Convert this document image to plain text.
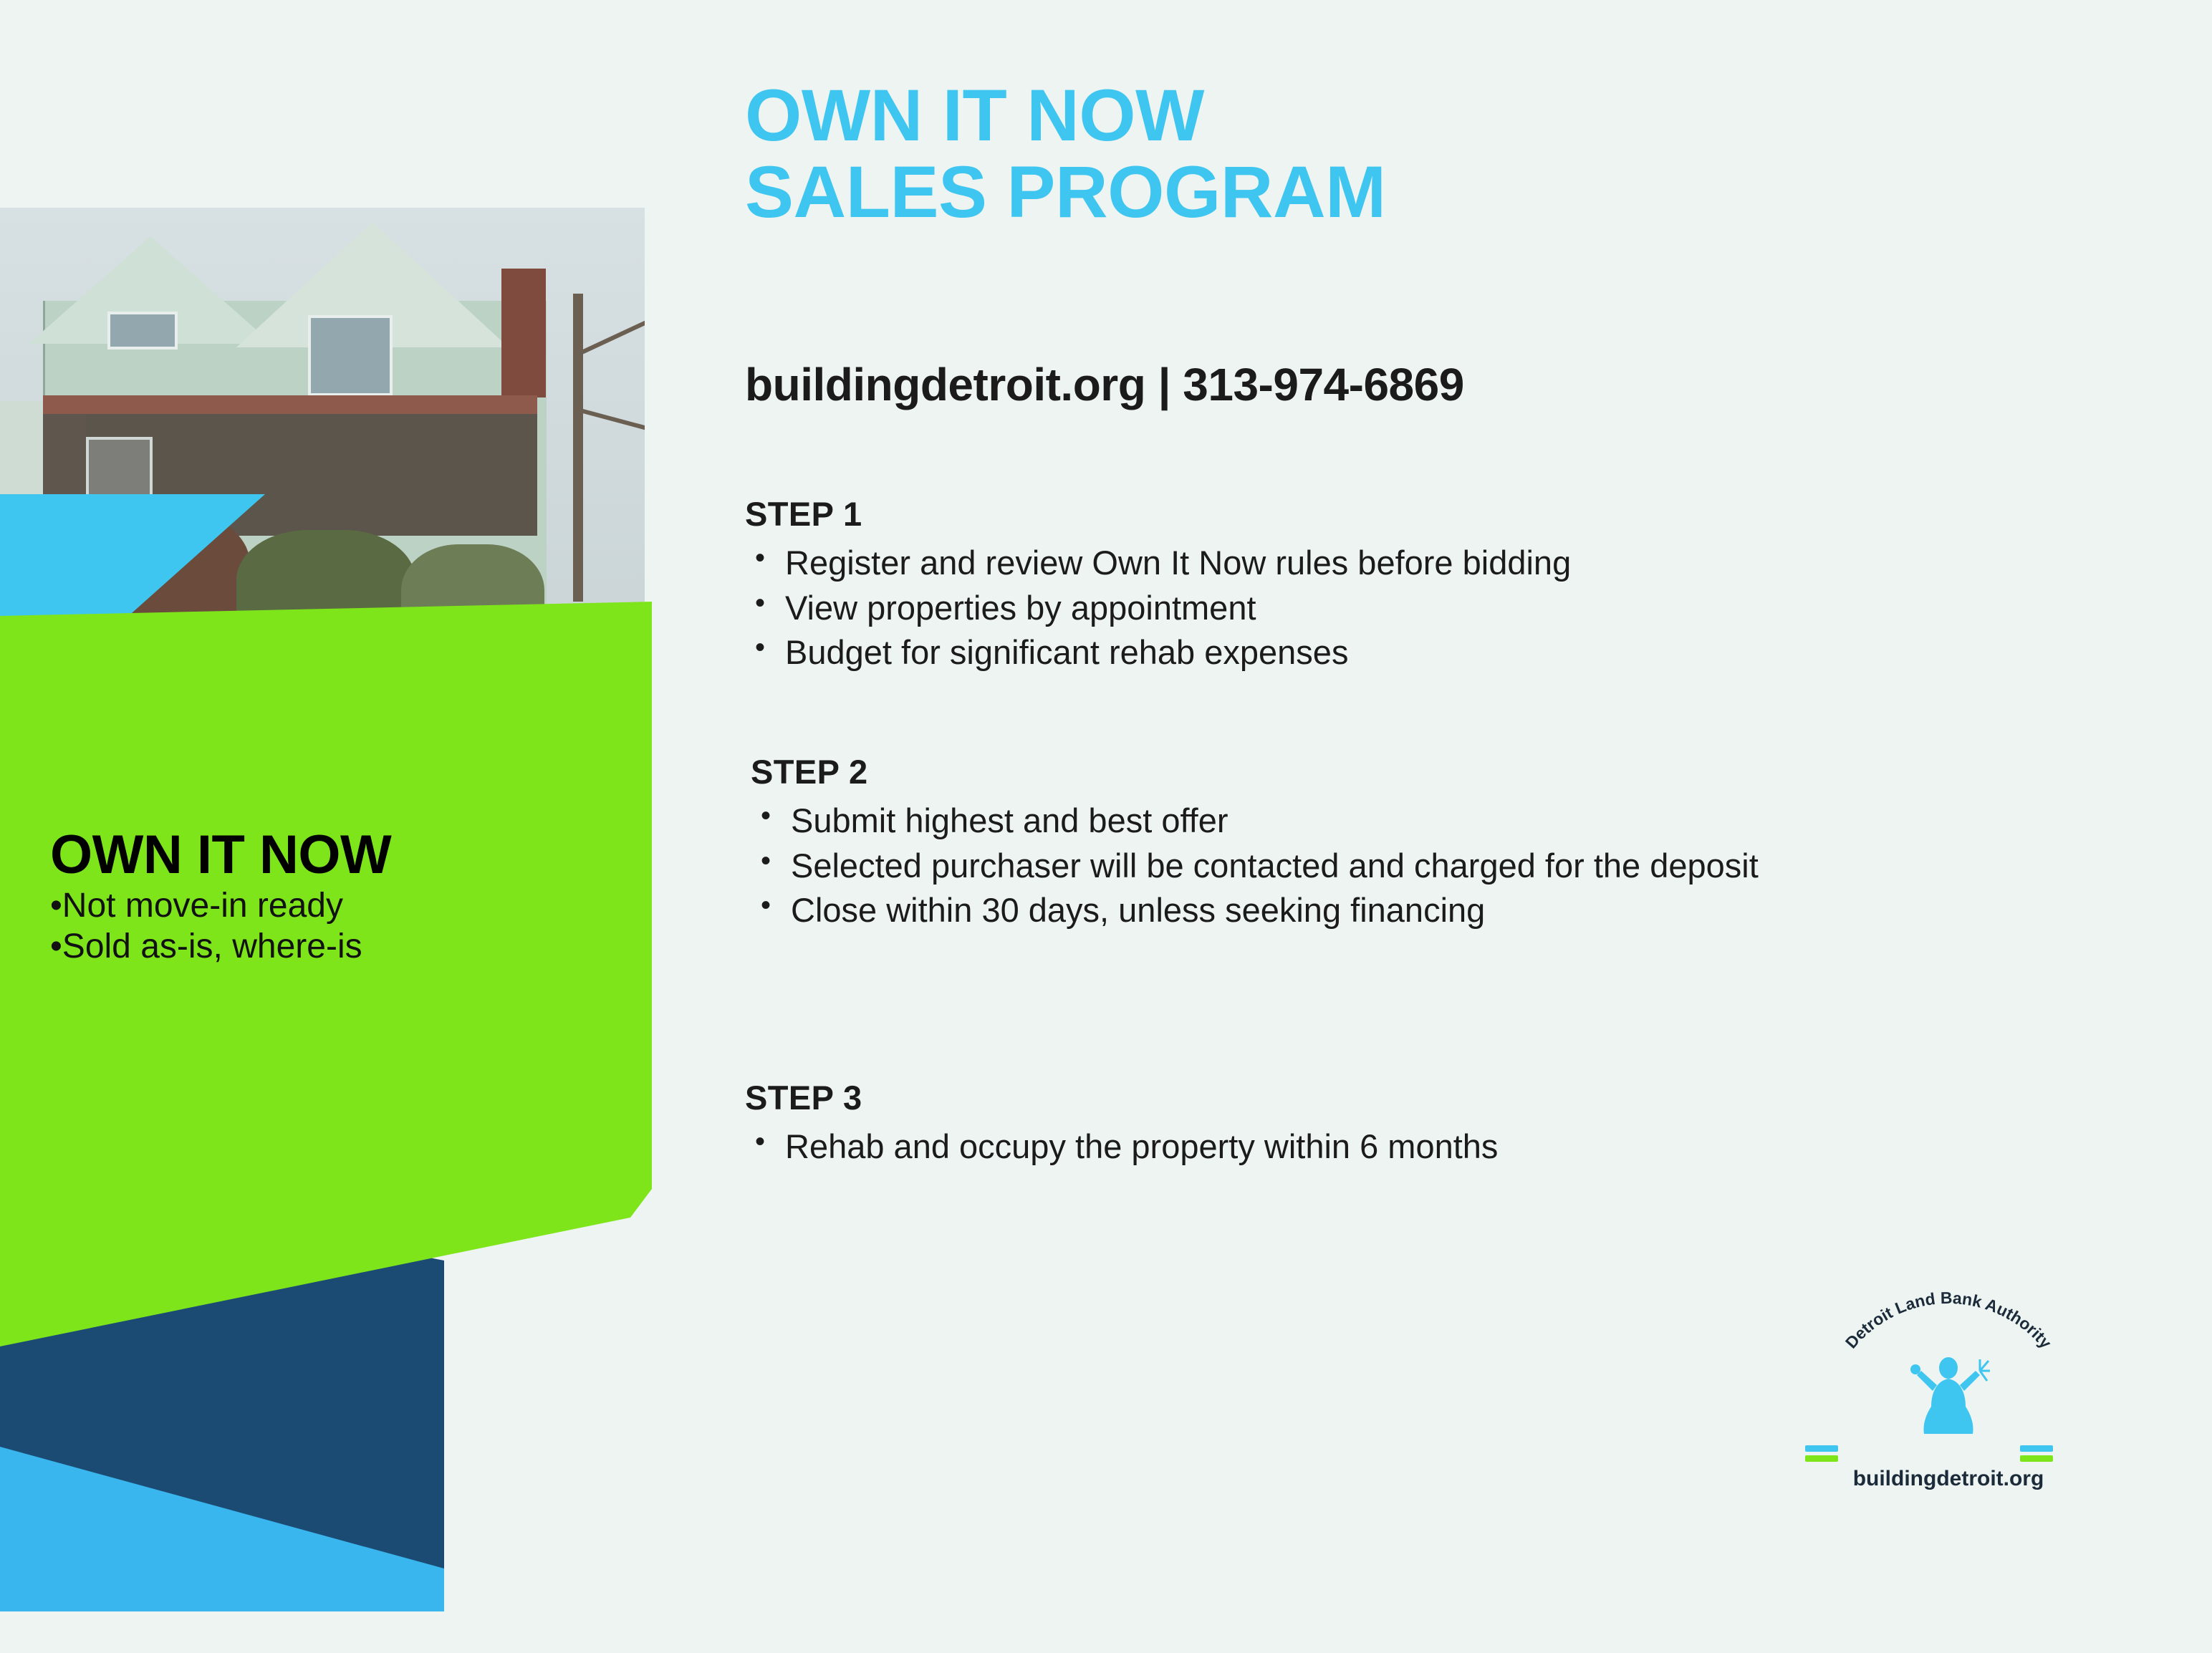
OWN IT NOW
•Not move-in ready
•Sold as-is, where-is
OWN IT NOW
SALES PROGRAM
buildingdetroit.org | 313-974-6869
STEP 1
• Register and review Own It Now rules before bidding
• View properties by appointment
• Budget for significant rehab expenses
STEP 2
• Submit highest and best offer
• Selected purchaser will be contacted and charged for the deposit
• Close within 30 days, unless seeking financing
STEP 3
• Rehab and occupy the property within 6 months
Detroit Land Bank Authority
buildingdetroit.org
